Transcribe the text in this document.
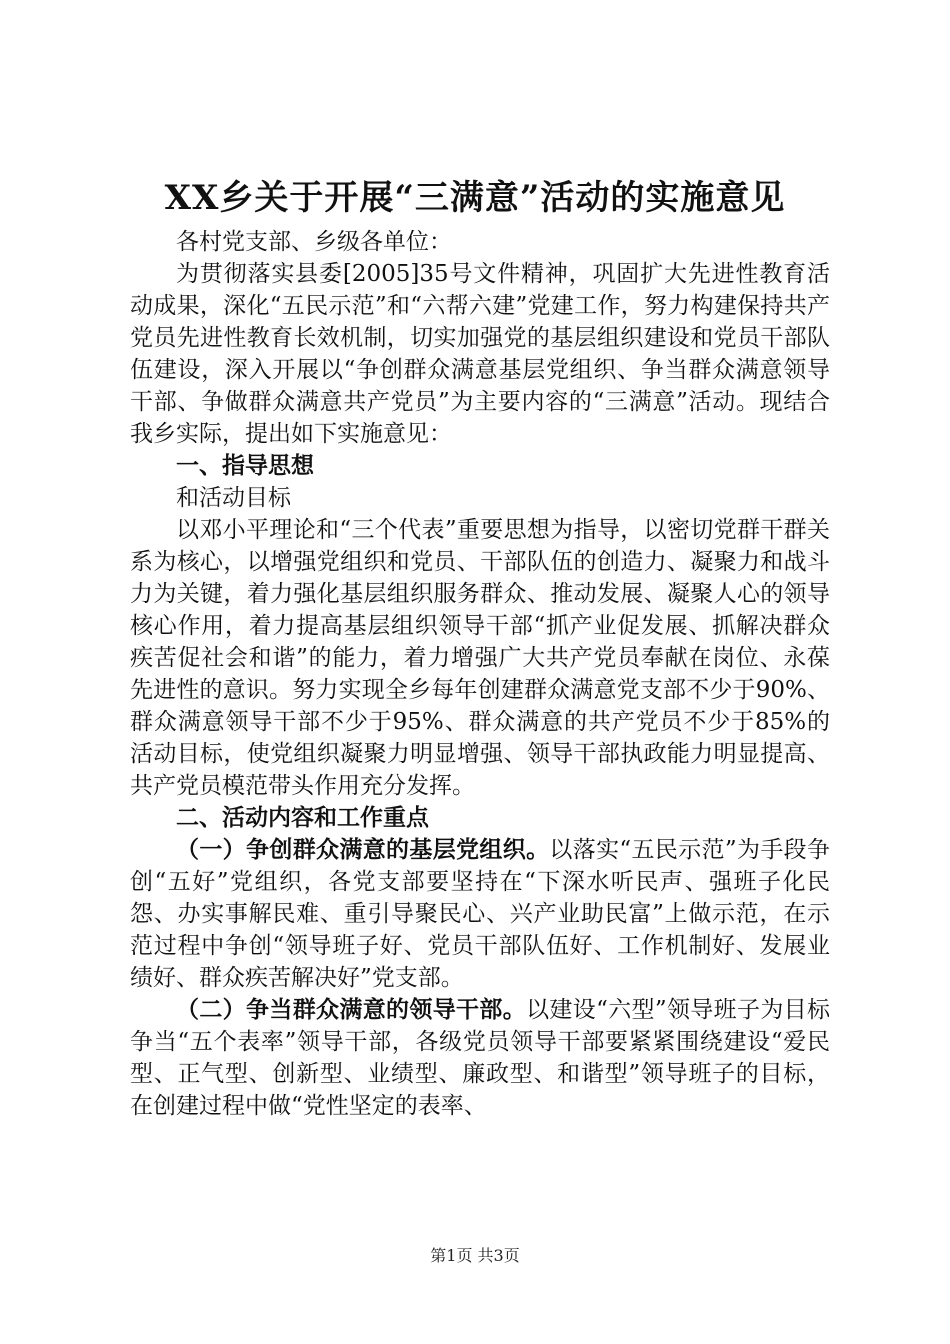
XX乡关于开展“三满意”活动的实施意见

各村党支部、乡级各单位：

为贯彻落实县委[2005]35号文件精神，巩固扩大先进性教育活动成果，深化“五民示范”和“六帮六建”党建工作，努力构建保持共产党员先进性教育长效机制，切实加强党的基层组织建设和党员干部队伍建设，深入开展以“争创群众满意基层党组织、争当群众满意领导干部、争做群众满意共产党员”为主要内容的“三满意”活动。现结合我乡实际，提出如下实施意见：

一、指导思想

和活动目标

以邓小平理论和“三个代表”重要思想为指导，以密切党群干群关系为核心，以增强党组织和党员、干部队伍的创造力、凝聚力和战斗力为关键，着力强化基层组织服务群众、推动发展、凝聚人心的领导核心作用，着力提高基层组织领导干部“抓产业促发展、抓解决群众疾苦促社会和谐”的能力，着力增强广大共产党员奉献在岗位、永葆先进性的意识。努力实现全乡每年创建群众满意党支部不少于90%、群众满意领导干部不少于95%、群众满意的共产党员不少于85%的活动目标，使党组织凝聚力明显增强、领导干部执政能力明显提高、共产党员模范带头作用充分发挥。

二、活动内容和工作重点

（一）争创群众满意的基层党组织。以落实“五民示范”为手段争创“五好”党组织，各党支部要坚持在“下深水听民声、强班子化民怨、办实事解民难、重引导聚民心、兴产业助民富”上做示范，在示范过程中争创“领导班子好、党员干部队伍好、工作机制好、发展业绩好、群众疾苦解决好”党支部。

（二）争当群众满意的领导干部。以建设“六型”领导班子为目标争当“五个表率”领导干部，各级党员领导干部要紧紧围绕建设“爱民型、正气型、创新型、业绩型、廉政型、和谐型”领导班子的目标，在创建过程中做“党性坚定的表率、

第1页 共3页
